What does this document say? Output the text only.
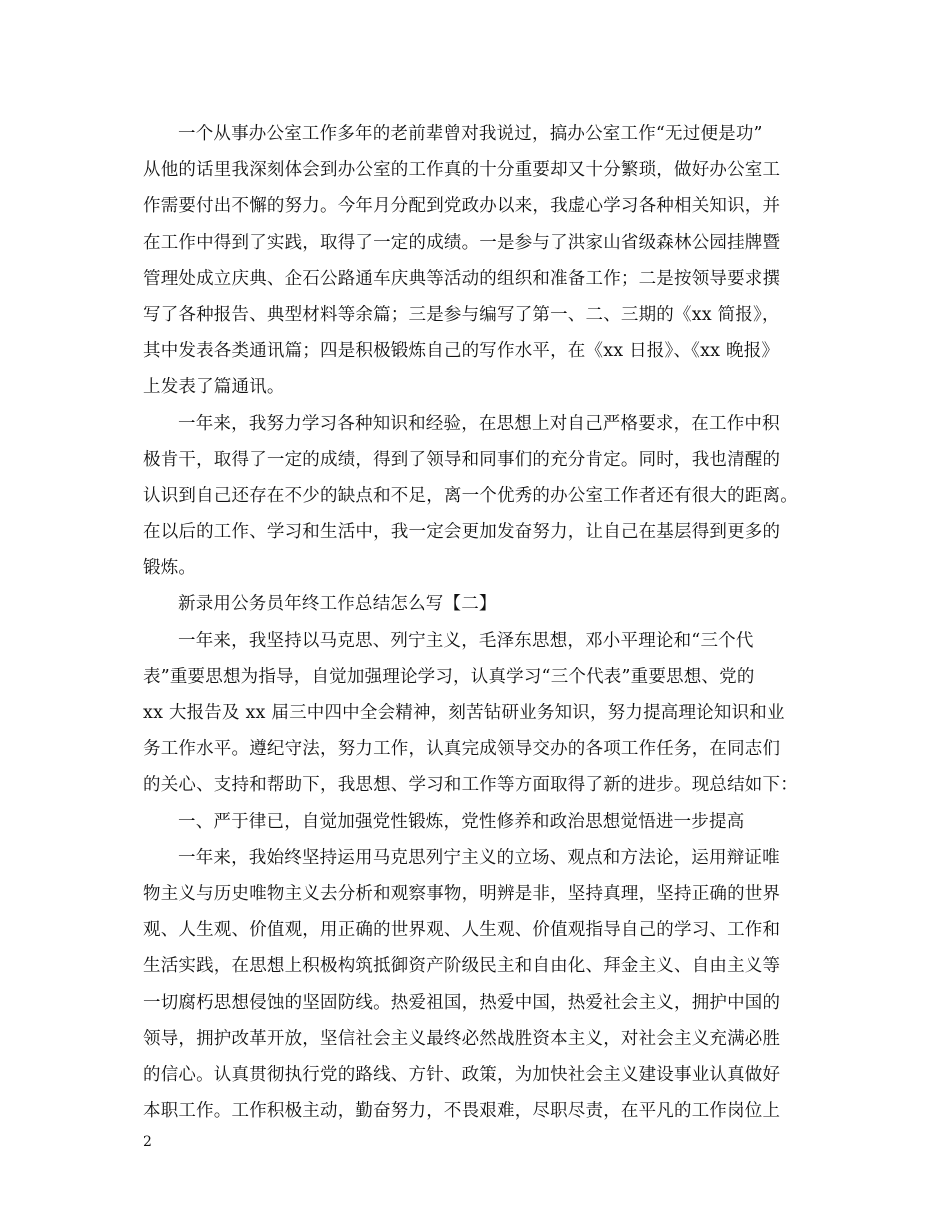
一个从事办公室工作多年的老前辈曾对我说过，搞办公室工作“无过便是功”
从他的话里我深刻体会到办公室的工作真的十分重要却又十分繁琐，做好办公室工
作需要付出不懈的努力。今年月分配到党政办以来，我虚心学习各种相关知识，并
在工作中得到了实践，取得了一定的成绩。一是参与了洪家山省级森林公园挂牌暨
管理处成立庆典、企石公路通车庆典等活动的组织和准备工作；二是按领导要求撰
写了各种报告、典型材料等余篇；三是参与编写了第一、二、三期的《xx 简报》，
其中发表各类通讯篇；四是积极锻炼自己的写作水平，在《xx 日报》、《xx 晚报》
上发表了篇通讯。
一年来，我努力学习各种知识和经验，在思想上对自己严格要求，在工作中积
极肯干，取得了一定的成绩，得到了领导和同事们的充分肯定。同时，我也清醒的
认识到自己还存在不少的缺点和不足，离一个优秀的办公室工作者还有很大的距离。
在以后的工作、学习和生活中，我一定会更加发奋努力，让自己在基层得到更多的
锻炼。
新录用公务员年终工作总结怎么写【二】
一年来，我坚持以马克思、列宁主义，毛泽东思想，邓小平理论和“三个代
表”重要思想为指导，自觉加强理论学习，认真学习“三个代表”重要思想、党的
xx 大报告及 xx 届三中四中全会精神，刻苦钻研业务知识，努力提高理论知识和业
务工作水平。遵纪守法，努力工作，认真完成领导交办的各项工作任务，在同志们
的关心、支持和帮助下，我思想、学习和工作等方面取得了新的进步。现总结如下：
一、严于律已，自觉加强党性锻炼，党性修养和政治思想觉悟进一步提高
一年来，我始终坚持运用马克思列宁主义的立场、观点和方法论，运用辩证唯
物主义与历史唯物主义去分析和观察事物，明辨是非，坚持真理，坚持正确的世界
观、人生观、价值观，用正确的世界观、人生观、价值观指导自己的学习、工作和
生活实践，在思想上积极构筑抵御资产阶级民主和自由化、拜金主义、自由主义等
一切腐朽思想侵蚀的坚固防线。热爱祖国，热爱中国，热爱社会主义，拥护中国的
领导，拥护改革开放，坚信社会主义最终必然战胜资本主义，对社会主义充满必胜
的信心。认真贯彻执行党的路线、方针、政策，为加快社会主义建设事业认真做好
本职工作。工作积极主动，勤奋努力，不畏艰难，尽职尽责，在平凡的工作岗位上
2
